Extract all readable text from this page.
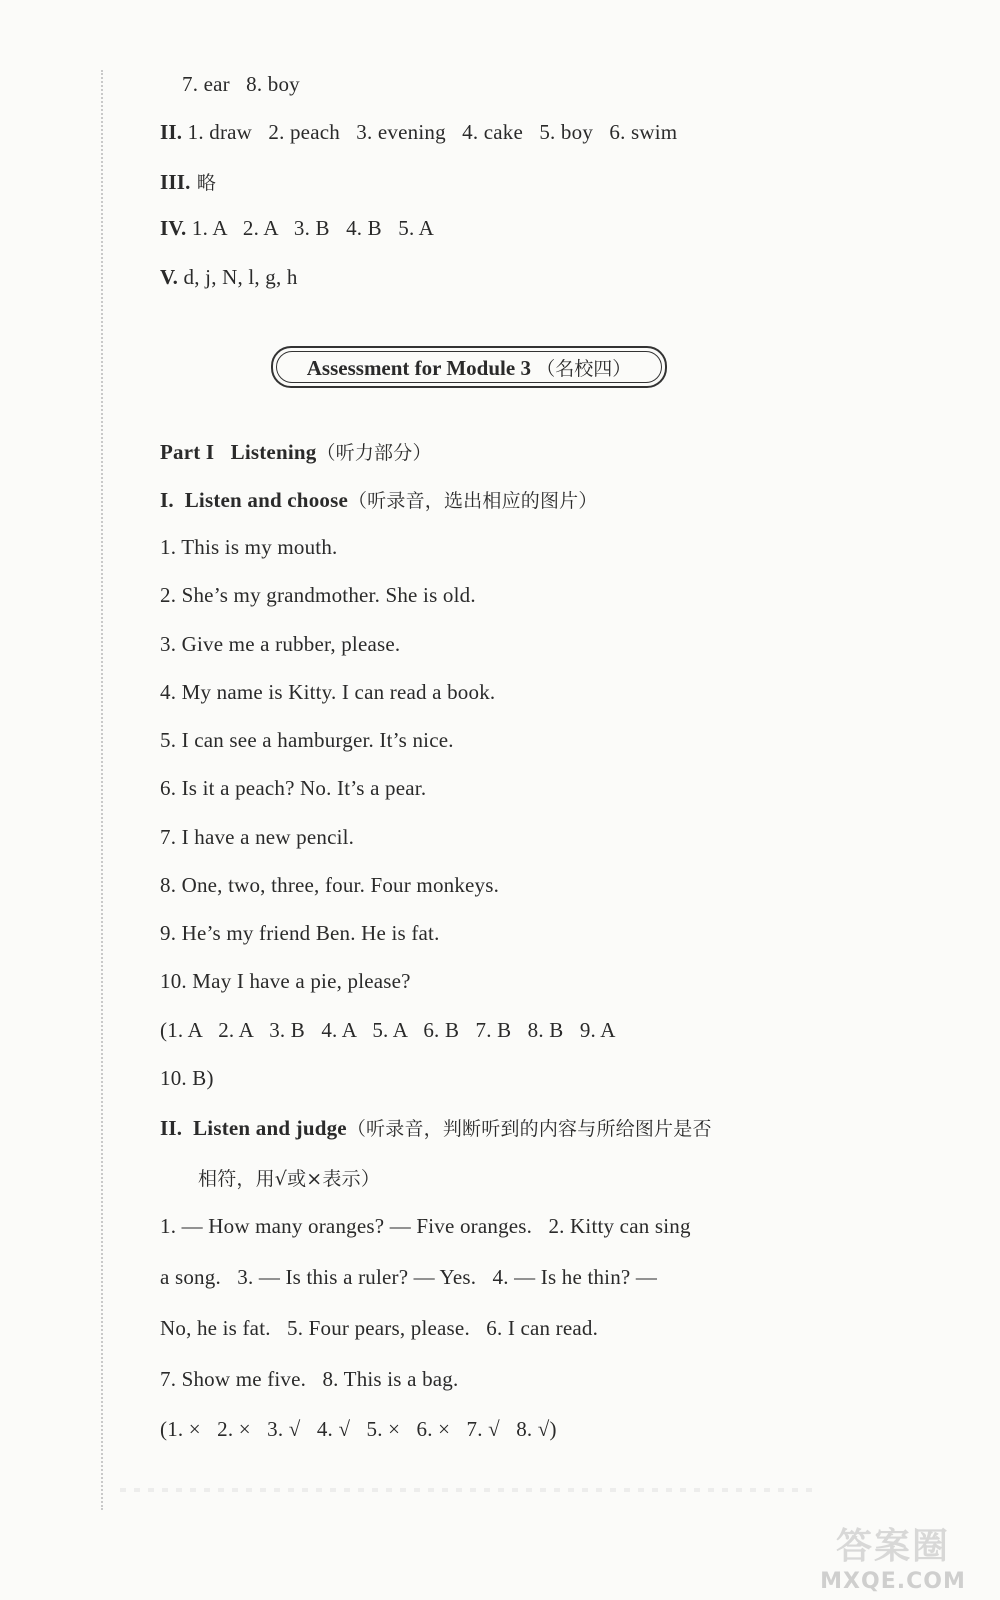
7. ear   8. boy
II. 1. draw   2. peach   3. evening   4. cake   5. boy   6. swim
III. 略
IV. 1. A   2. A   3. B   4. B   5. A
V. d, j, N, l, g, h
Assessment for Module 3 （名校四）
Part I   Listening（听力部分）
I.  Listen and choose（听录音，选出相应的图片）
1. This is my mouth.
2. She’s my grandmother. She is old.
3. Give me a rubber, please.
4. My name is Kitty. I can read a book.
5. I can see a hamburger. It’s nice.
6. Is it a peach? No. It’s a pear.
7. I have a new pencil.
8. One, two, three, four. Four monkeys.
9. He’s my friend Ben. He is fat.
10. May I have a pie, please?
(1. A   2. A   3. B   4. A   5. A   6. B   7. B   8. B   9. A
10. B)
II.  Listen and judge（听录音，判断听到的内容与所给图片是否
相符，用√或×表示）
1. — How many oranges? — Five oranges.   2. Kitty can sing
a song.   3. — Is this a ruler? — Yes.   4. — Is he thin? —
No, he is fat.   5. Four pears, please.   6. I can read.
7. Show me five.   8. This is a bag.
(1. ×   2. ×   3. √   4. √   5. ×   6. ×   7. √   8. √)
答案圈
MXQE.COM
